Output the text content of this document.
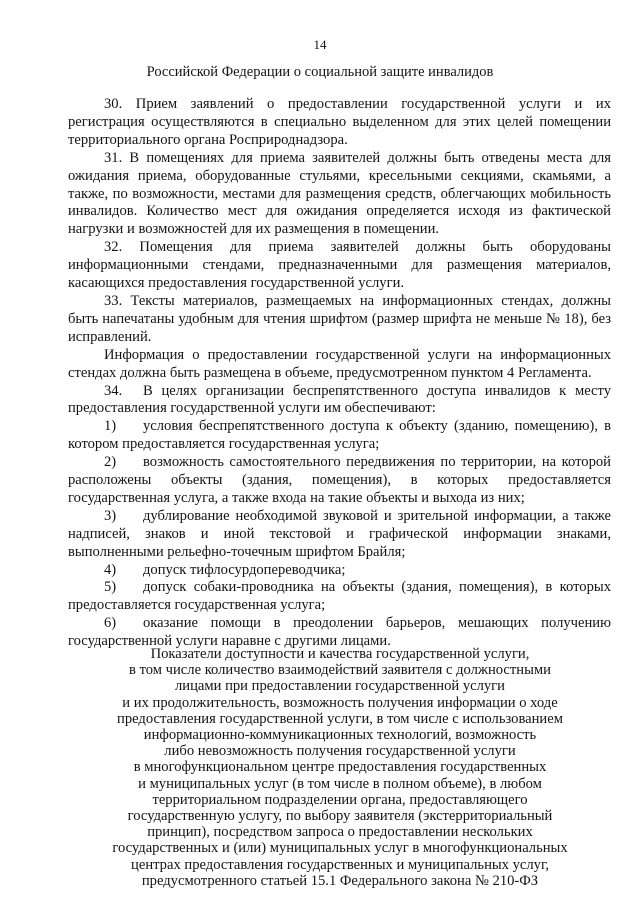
14
Российской Федерации о социальной защите инвалидов

30. Прием заявлений о предоставлении государственной услуги и их регистрация осуществляются в специально выделенном для этих целей помещении территориального органа Росприроднадзора.

31. В помещениях для приема заявителей должны быть отведены места для ожидания приема, оборудованные стульями, кресельными секциями, скамьями, а также, по возможности, местами для размещения средств, облегчающих мобильность инвалидов. Количество мест для ожидания определяется исходя из фактической нагрузки и возможностей для их размещения в помещении.

32. Помещения для приема заявителей должны быть оборудованы информационными стендами, предназначенными для размещения материалов, касающихся предоставления государственной услуги.

33. Тексты материалов, размещаемых на информационных стендах, должны быть напечатаны удобным для чтения шрифтом (размер шрифта не меньше № 18), без исправлений.

Информация о предоставлении государственной услуги на информационных стендах должна быть размещена в объеме, предусмотренном пунктом 4 Регламента.

34. В целях организации беспрепятственного доступа инвалидов к месту предоставления государственной услуги им обеспечивают:

1) условия беспрепятственного доступа к объекту (зданию, помещению), в котором предоставляется государственная услуга;

2) возможность самостоятельного передвижения по территории, на которой расположены объекты (здания, помещения), в которых предоставляется государственная услуга, а также входа на такие объекты и выхода из них;

3) дублирование необходимой звуковой и зрительной информации, а также надписей, знаков и иной текстовой и графической информации знаками, выполненными рельефно-точечным шрифтом Брайля;

4) допуск тифлосурдопереводчика;

5) допуск собаки-проводника на объекты (здания, помещения), в которых предоставляется государственная услуга;

6) оказание помощи в преодолении барьеров, мешающих получению государственной услуги наравне с другими лицами.

Показатели доступности и качества государственной услуги,
в том числе количество взаимодействий заявителя с должностными
лицами при предоставлении государственной услуги
и их продолжительность, возможность получения информации о ходе
предоставления государственной услуги, в том числе с использованием
информационно-коммуникационных технологий, возможность
либо невозможность получения государственной услуги
в многофункциональном центре предоставления государственных
и муниципальных услуг (в том числе в полном объеме), в любом
территориальном подразделении органа, предоставляющего
государственную услугу, по выбору заявителя (экстерриториальный
принцип), посредством запроса о предоставлении нескольких
государственных и (или) муниципальных услуг в многофункциональных
центрах предоставления государственных и муниципальных услуг,
предусмотренного статьей 15.1 Федерального закона № 210-ФЗ
